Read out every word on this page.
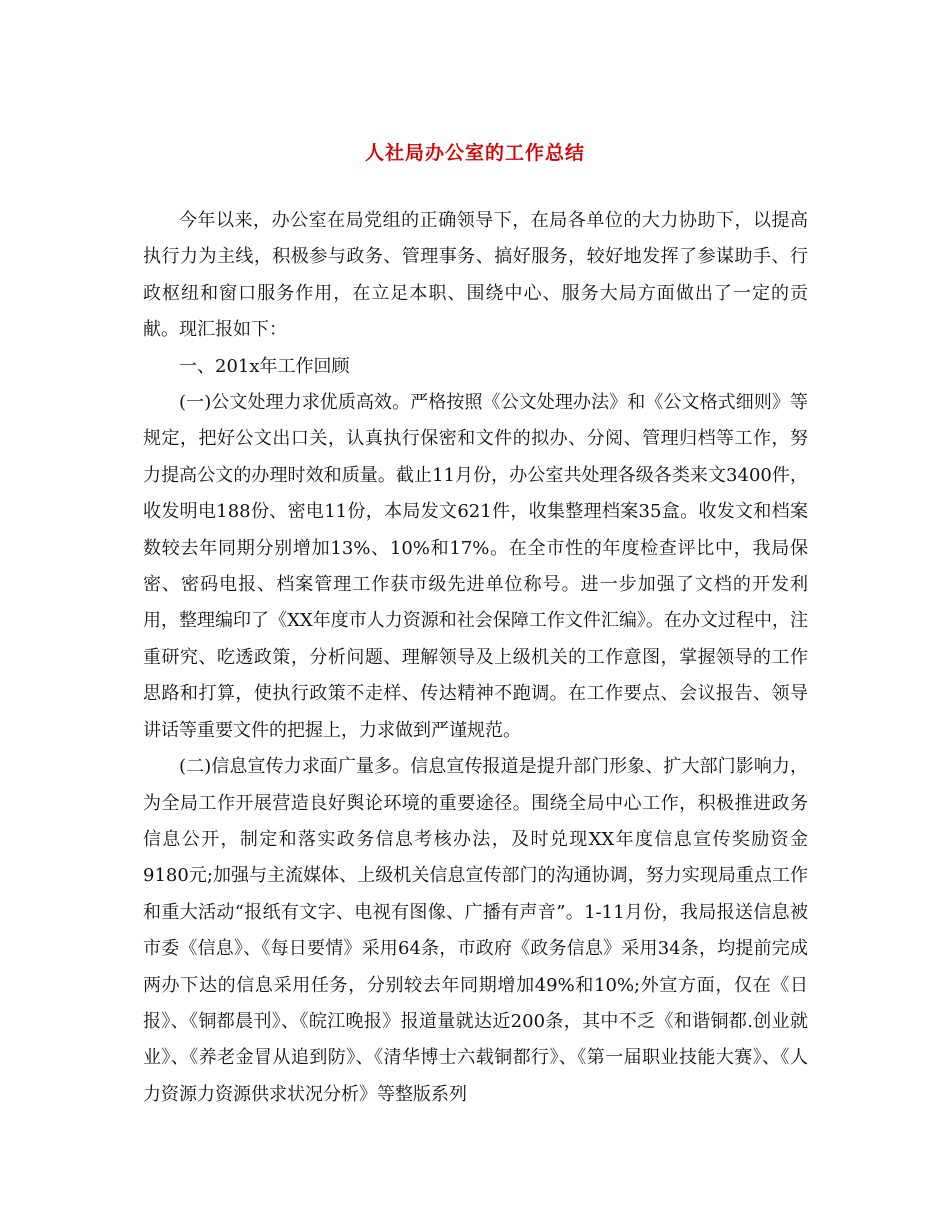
人社局办公室的工作总结

今年以来，办公室在局党组的正确领导下，在局各单位的大力协助下，以提高执行力为主线，积极参与政务、管理事务、搞好服务，较好地发挥了参谋助手、行政枢纽和窗口服务作用，在立足本职、围绕中心、服务大局方面做出了一定的贡献。现汇报如下：

一、201x年工作回顾

(一)公文处理力求优质高效。严格按照《公文处理办法》和《公文格式细则》等规定，把好公文出口关，认真执行保密和文件的拟办、分阅、管理归档等工作，努力提高公文的办理时效和质量。截止11月份，办公室共处理各级各类来文3400件，收发明电188份、密电11份，本局发文621件，收集整理档案35盒。收发文和档案数较去年同期分别增加13%、10%和17%。在全市性的年度检查评比中，我局保密、密码电报、档案管理工作获市级先进单位称号。进一步加强了文档的开发利用，整理编印了《XX年度市人力资源和社会保障工作文件汇编》。在办文过程中，注重研究、吃透政策，分析问题、理解领导及上级机关的工作意图，掌握领导的工作思路和打算，使执行政策不走样、传达精神不跑调。在工作要点、会议报告、领导讲话等重要文件的把握上，力求做到严谨规范。

(二)信息宣传力求面广量多。信息宣传报道是提升部门形象、扩大部门影响力，为全局工作开展营造良好舆论环境的重要途径。围绕全局中心工作，积极推进政务信息公开，制定和落实政务信息考核办法，及时兑现XX年度信息宣传奖励资金9180元;加强与主流媒体、上级机关信息宣传部门的沟通协调，努力实现局重点工作和重大活动“报纸有文字、电视有图像、广播有声音”。1-11月份，我局报送信息被市委《信息》、《每日要情》采用64条，市政府《政务信息》采用34条，均提前完成两办下达的信息采用任务，分别较去年同期增加49%和10%;外宣方面，仅在《日报》、《铜都晨刊》、《皖江晚报》报道量就达近200条，其中不乏《和谐铜都.创业就业》、《养老金冒从追到防》、《清华博士六载铜都行》、《第一届职业技能大赛》、《人力资源力资源供求状况分析》等整版系列
